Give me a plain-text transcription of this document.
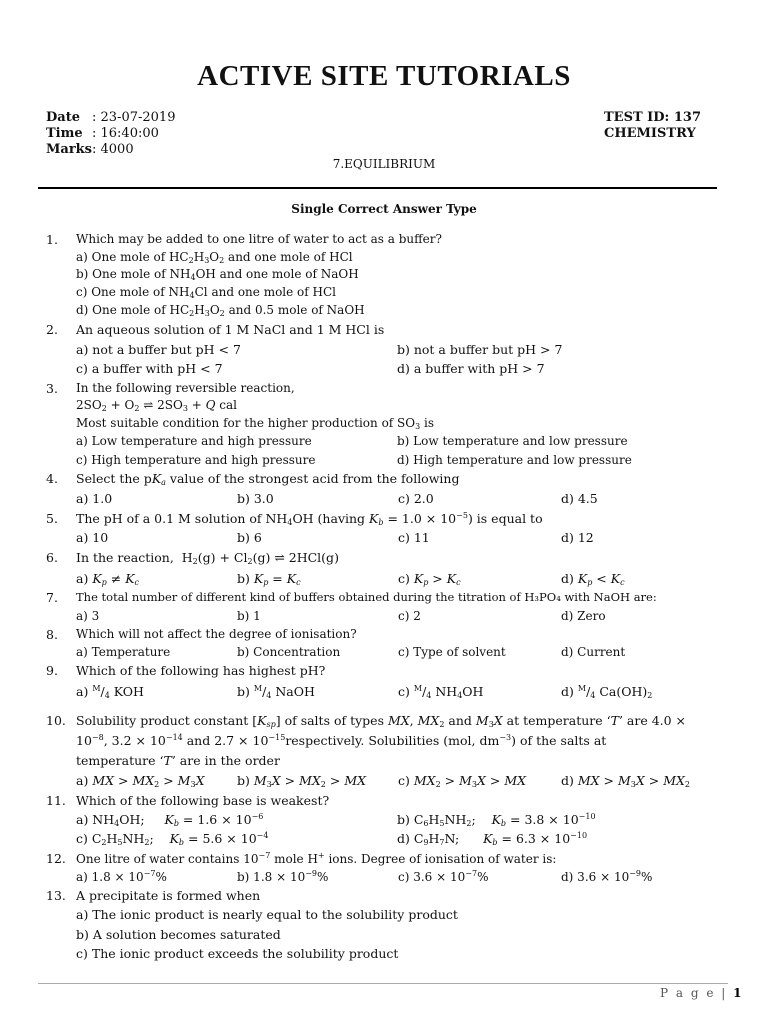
ACTIVE SITE TUTORIALS
Date : 23-07-2019
Time : 16:40:00
Marks: 4000
TEST ID: 137
CHEMISTRY
7.EQUILIBRIUM
Single Correct Answer Type
1. Which may be added to one litre of water to act as a buffer?
a) One mole of $HC_2H_3O_2$ and one mole of HCl
b) One mole of $NH_4OH$ and one mole of NaOH
c) One mole of $NH_4Cl$ and one mole of HCl
d) One mole of $HC_2H_3O_2$ and 0.5 mole of NaOH
2. An aqueous solution of 1 M NaCl and 1 M HCl is
a) not a buffer but pH < 7	b) not a buffer but pH > 7
c) a buffer with pH < 7	d) a buffer with pH > 7
3. In the following reversible reaction,
$2SO_2 + O_2$ ⇌ $2SO_3 + Q$ cal
Most suitable condition for the higher production of $SO_3$ is
a) Low temperature and high pressure	b) Low temperature and low pressure
c) High temperature and high pressure	d) High temperature and low pressure
4. Select the $pK_a$ value of the strongest acid from the following
a) 1.0	b) 3.0	c) 2.0	d) 4.5
5. The pH of a 0.1 M solution of $NH_4OH$ (having $K_b = 1.0 \times 10^{-5}$) is equal to
a) 10	b) 6	c) 11	d) 12
6. In the reaction,  $H_2(g) + Cl_2(g)$ ⇌ 2HCl(g)
a) $K_p \ne K_c$	b) $K_p = K_c$	c) $K_p > K_c$	d) $K_p < K_c$
7. The total number of different kind of buffers obtained during the titration of H₃PO₄ with NaOH are:
a) 3	b) 1	c) 2	d) Zero
8. Which will not affect the degree of ionisation?
a) Temperature	b) Concentration	c) Type of solvent	d) Current
9. Which of the following has highest pH?
a) $^M/_4$ KOH	b) $^M/_4$ NaOH	c) $^M/_4$ $NH_4OH$	d) $^M/_4$ $Ca(OH)_2$
10. Solubility product constant $[K_{sp}]$ of salts of types MX, $MX_2$ and $M_3X$ at temperature ‘T’ are 4.0 ×
$10^{-8}$, $3.2 \times 10^{-14}$ and $2.7 \times 10^{-15}respectively$. Solubilities (mol, $dm^{-3}$) of the salts at
temperature ‘T’ are in the order
a) MX > $MX_2 > M_3X$	b) $M_3X > MX_2$ > MX	c) $MX_2 > M_3X$ > MX	d) MX > $M_3X > MX_2$
11. Which of the following base is weakest?
a) $NH_4OH$;     $K_b = 1.6 \times 10^{-6}$	b) $C_6H_5NH_2$;    $K_b = 3.8 \times 10^{-10}$
c) $C_2H_5NH_2$;    $K_b = 5.6 \times 10^{-4}$	d) $C_9H_7N$;      $K_b = 6.3 \times 10^{-10}$
12. One litre of water contains $10^{-7}$ mole H+ ions. Degree of ionisation of water is:
a) $1.8 \times 10^{-7}\%$	b) $1.8 \times 10^{-9}\%$	c) $3.6 \times 10^{-7}\%$	d) $3.6 \times 10^{-9}\%$
13. A precipitate is formed when
a) The ionic product is nearly equal to the solubility product
b) A solution becomes saturated
c) The ionic product exceeds the solubility product
P a g e | 1
